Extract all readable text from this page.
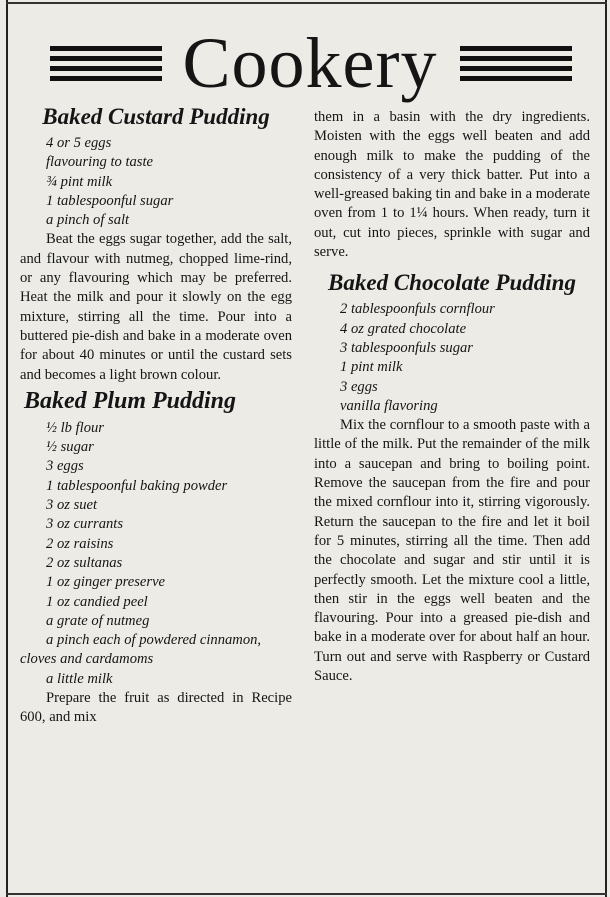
Cookery
Baked Custard Pudding
4 or 5 eggs
flavouring to taste
¾ pint milk
1 tablespoonful sugar
a pinch of salt

Beat the eggs sugar together, add the salt, and flavour with nutmeg, chopped lime-rind, or any flavouring which may be preferred. Heat the milk and pour it slowly on the egg mixture, stirring all the time. Pour into a buttered pie-dish and bake in a moderate oven for about 40 minutes or until the custard sets and becomes a light brown colour.

Baked Plum Pudding
½ lb flour
½ sugar
3 eggs
1 tablespoonful baking powder
3 oz suet
3 oz currants
2 oz raisins
2 oz sultanas
1 oz ginger preserve
1 oz candied peel
a grate of nutmeg
a pinch each of powdered cinnamon, cloves and cardamoms
a little milk

Prepare the fruit as directed in Recipe 600, and mix

them in a basin with the dry ingredients. Moisten with the eggs well beaten and add enough milk to make the pudding of the consistency of a very thick batter. Put into a well-greased baking tin and bake in a moderate oven from 1 to 1¼ hours. When ready, turn it out, cut into pieces, sprinkle with sugar and serve.

Baked Chocolate Pudding
2 tablespoonfuls cornflour
4 oz grated chocolate
3 tablespoonfuls sugar
1 pint milk
3 eggs
vanilla flavoring

Mix the cornflour to a smooth paste with a little of the milk. Put the remainder of the milk into a saucepan and bring to boiling point. Remove the saucepan from the fire and pour the mixed cornflour into it, stirring vigorously. Return the saucepan to the fire and let it boil for 5 minutes, stirring all the time. Then add the chocolate and sugar and stir until it is perfectly smooth. Let the mixture cool a little, then stir in the eggs well beaten and the flavouring. Pour into a greased pie-dish and bake in a moderate over for about half an hour. Turn out and serve with Raspberry or Custard Sauce.
